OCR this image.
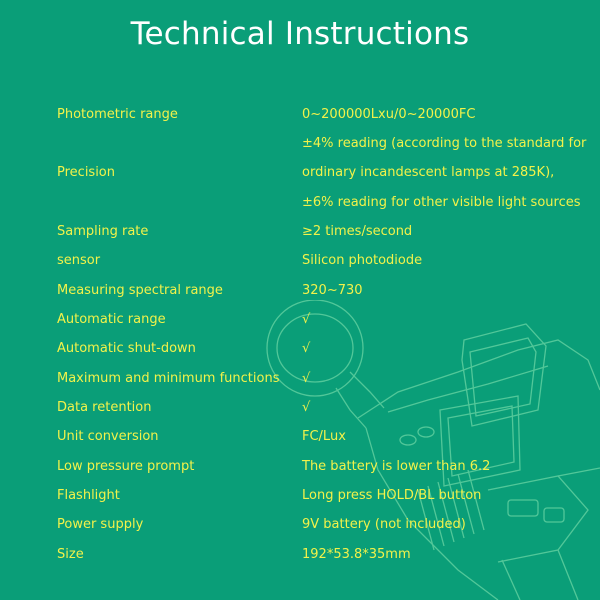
Technical Instructions
Photometric range	0~200000Lxu/0~20000FC
±4% reading (according to the standard for
Precision	ordinary incandescent lamps at 285K),
±6% reading for other visible light sources
Sampling rate	≥2 times/second
sensor	Silicon photodiode
Measuring spectral range	320~730
Automatic range	√
Automatic shut-down	√
Maximum and minimum functions √
Data retention	√
Unit conversion	FC/Lux
Low pressure prompt	The battery is lower than 6.2
Flashlight	Long press HOLD/BL button
Power supply	9V battery (not included)
Size	192*53.8*35mm
